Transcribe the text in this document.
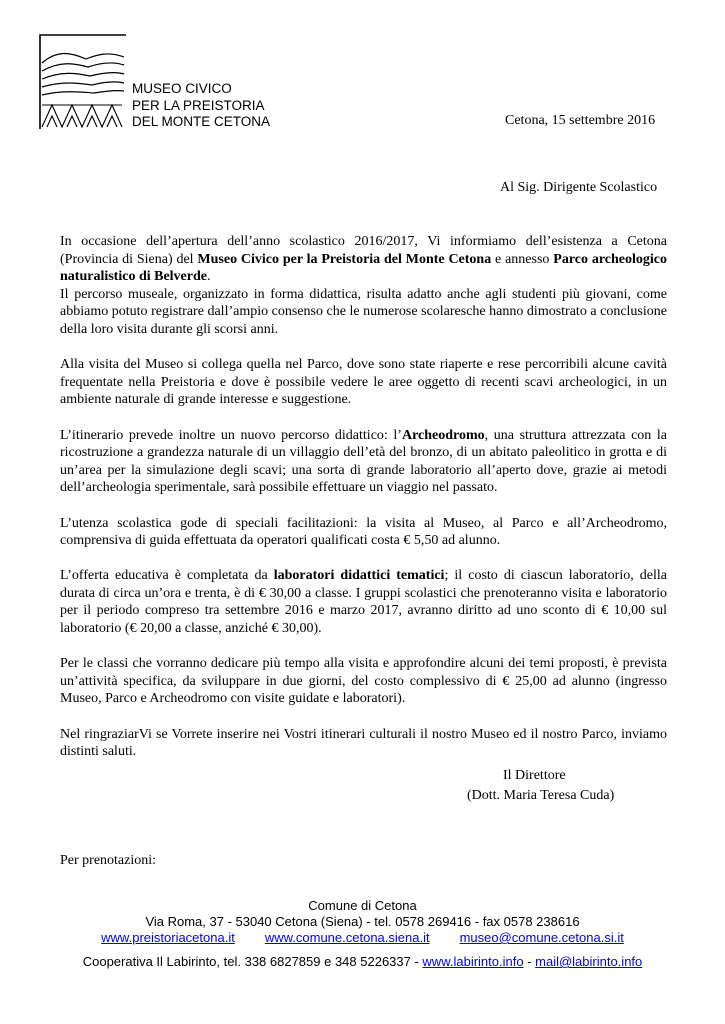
MUSEO CIVICO
PER LA PREISTORIA
DEL MONTE CETONA	Cetona, 15 settembre 2016
Al Sig. Dirigente Scolastico

In occasione dell’apertura dell’anno scolastico 2016/2017, Vi informiamo dell’esistenza a Cetona (Provincia di Siena) del Museo Civico per la Preistoria del Monte Cetona e annesso Parco archeologico naturalistico di Belverde.
Il percorso museale, organizzato in forma didattica, risulta adatto anche agli studenti più giovani, come abbiamo potuto registrare dall’ampio consenso che le numerose scolaresche hanno dimostrato a conclusione della loro visita durante gli scorsi anni.

Alla visita del Museo si collega quella nel Parco, dove sono state riaperte e rese percorribili alcune cavità frequentate nella Preistoria e dove è possibile vedere le aree oggetto di recenti scavi archeologici, in un ambiente naturale di grande interesse e suggestione.

L’itinerario prevede inoltre un nuovo percorso didattico: l’Archeodromo, una struttura attrezzata con la ricostruzione a grandezza naturale di un villaggio dell’età del bronzo, di un abitato paleolitico in grotta e di un’area per la simulazione degli scavi; una sorta di grande laboratorio all’aperto dove, grazie ai metodi dell’archeologia sperimentale, sarà possibile effettuare un viaggio nel passato.

L’utenza scolastica gode di speciali facilitazioni: la visita al Museo, al Parco e all’Archeodromo, comprensiva di guida effettuata da operatori qualificati costa € 5,50 ad alunno.

L’offerta educativa è completata da laboratori didattici tematici; il costo di ciascun laboratorio, della durata di circa un’ora e trenta, è di € 30,00 a classe. I gruppi scolastici che prenoteranno visita e laboratorio per il periodo compreso tra settembre 2016 e marzo 2017, avranno diritto ad uno sconto di € 10,00 sul laboratorio (€ 20,00 a classe, anziché € 30,00).

Per le classi che vorranno dedicare più tempo alla visita e approfondire alcuni dei temi proposti, è prevista un’attività specifica, da sviluppare in due giorni, del costo complessivo di € 25,00 ad alunno (ingresso Museo, Parco e Archeodromo con visite guidate e laboratori).

Nel ringraziarVi se Vorrete inserire nei Vostri itinerari culturali il nostro Museo ed il nostro Parco, inviamo distinti saluti.

Il Direttore
(Dott. Maria Teresa Cuda)
Per prenotazioni:
Comune di Cetona
Via Roma, 37 - 53040 Cetona (Siena) - tel. 0578 269416 - fax 0578 238616
www.preistoriacetona.it www.comune.cetona.siena.it museo@comune.cetona.si.it
Cooperativa Il Labirinto, tel. 338 6827859 e 348 5226337 - www.labirinto.info - mail@labirinto.info
